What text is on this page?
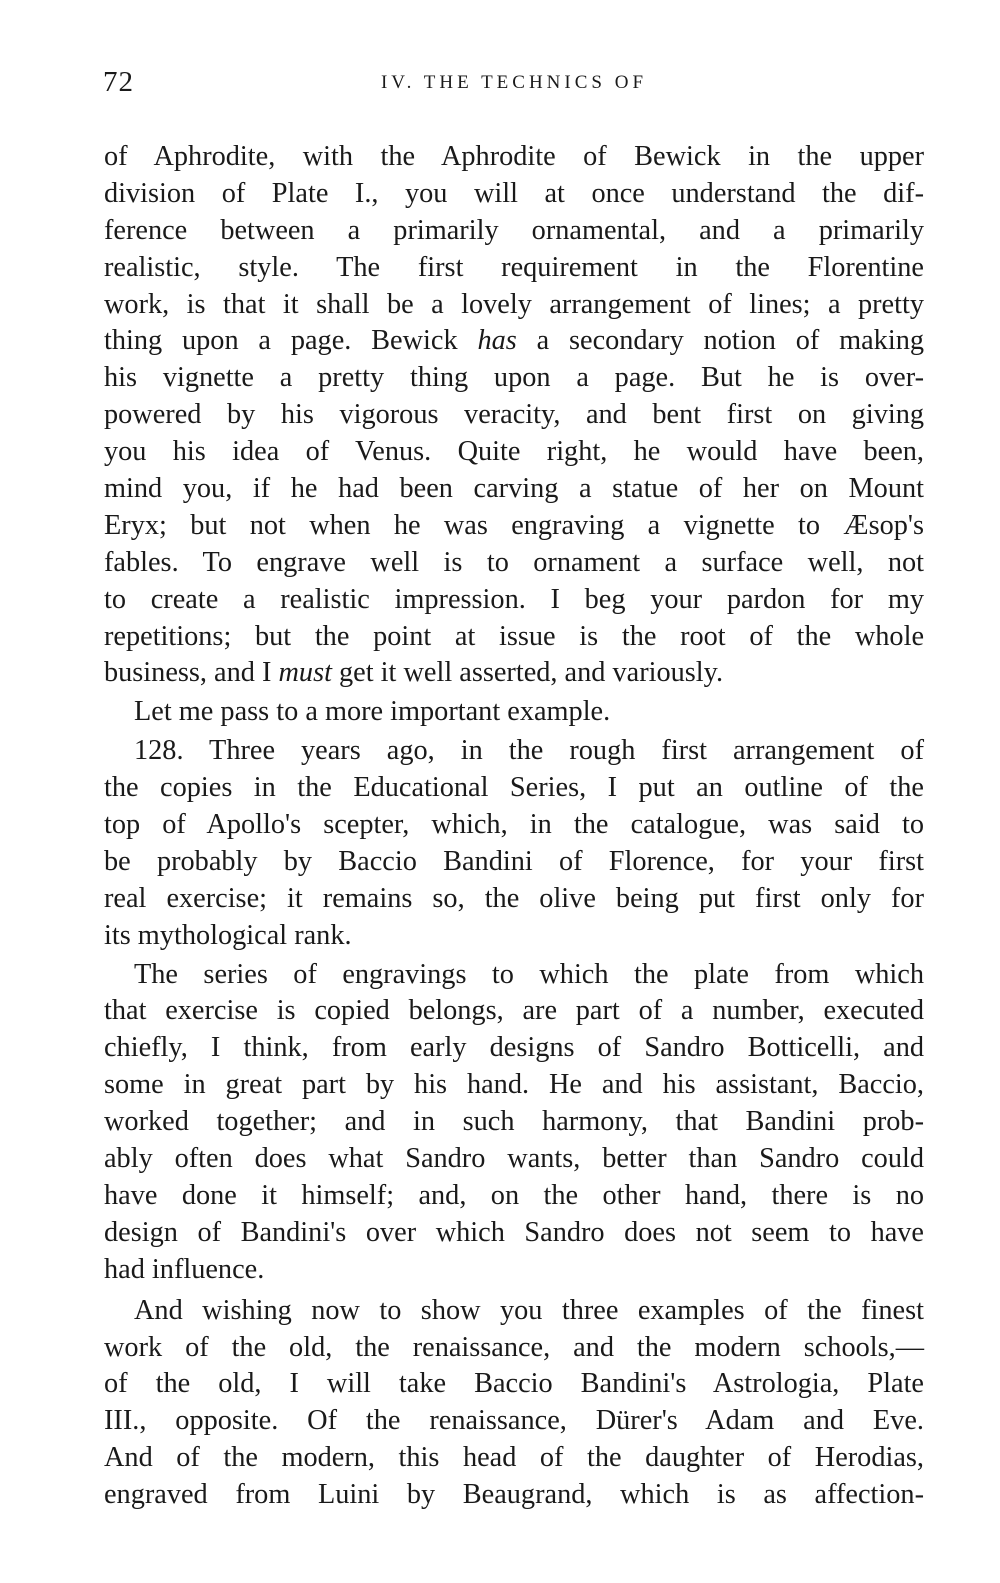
72	IV. THE TECHNICS OF

of Aphrodite, with the Aphrodite of Bewick in the upper
division of Plate I., you will at once understand the dif-
ference between a primarily ornamental, and a primarily
realistic, style. The first requirement in the Florentine
work, is that it shall be a lovely arrangement of lines; a pretty
thing upon a page. Bewick has a secondary notion of making
his vignette a pretty thing upon a page. But he is over-
powered by his vigorous veracity, and bent first on giving
you his idea of Venus. Quite right, he would have been,
mind you, if he had been carving a statue of her on Mount
Eryx; but not when he was engraving a vignette to Æsop's
fables. To engrave well is to ornament a surface well, not
to create a realistic impression. I beg your pardon for my
repetitions; but the point at issue is the root of the whole
business, and I must get it well asserted, and variously.

Let me pass to a more important example.

128. Three years ago, in the rough first arrangement of
the copies in the Educational Series, I put an outline of the
top of Apollo's scepter, which, in the catalogue, was said to
be probably by Baccio Bandini of Florence, for your first
real exercise; it remains so, the olive being put first only for
its mythological rank.

The series of engravings to which the plate from which
that exercise is copied belongs, are part of a number, executed
chiefly, I think, from early designs of Sandro Botticelli, and
some in great part by his hand. He and his assistant, Baccio,
worked together; and in such harmony, that Bandini prob-
ably often does what Sandro wants, better than Sandro could
have done it himself; and, on the other hand, there is no
design of Bandini's over which Sandro does not seem to have
had influence.

And wishing now to show you three examples of the finest
work of the old, the renaissance, and the modern schools,—
of the old, I will take Baccio Bandini's Astrologia, Plate
III., opposite. Of the renaissance, Dürer's Adam and Eve.
And of the modern, this head of the daughter of Herodias,
engraved from Luini by Beaugrand, which is as affection-
